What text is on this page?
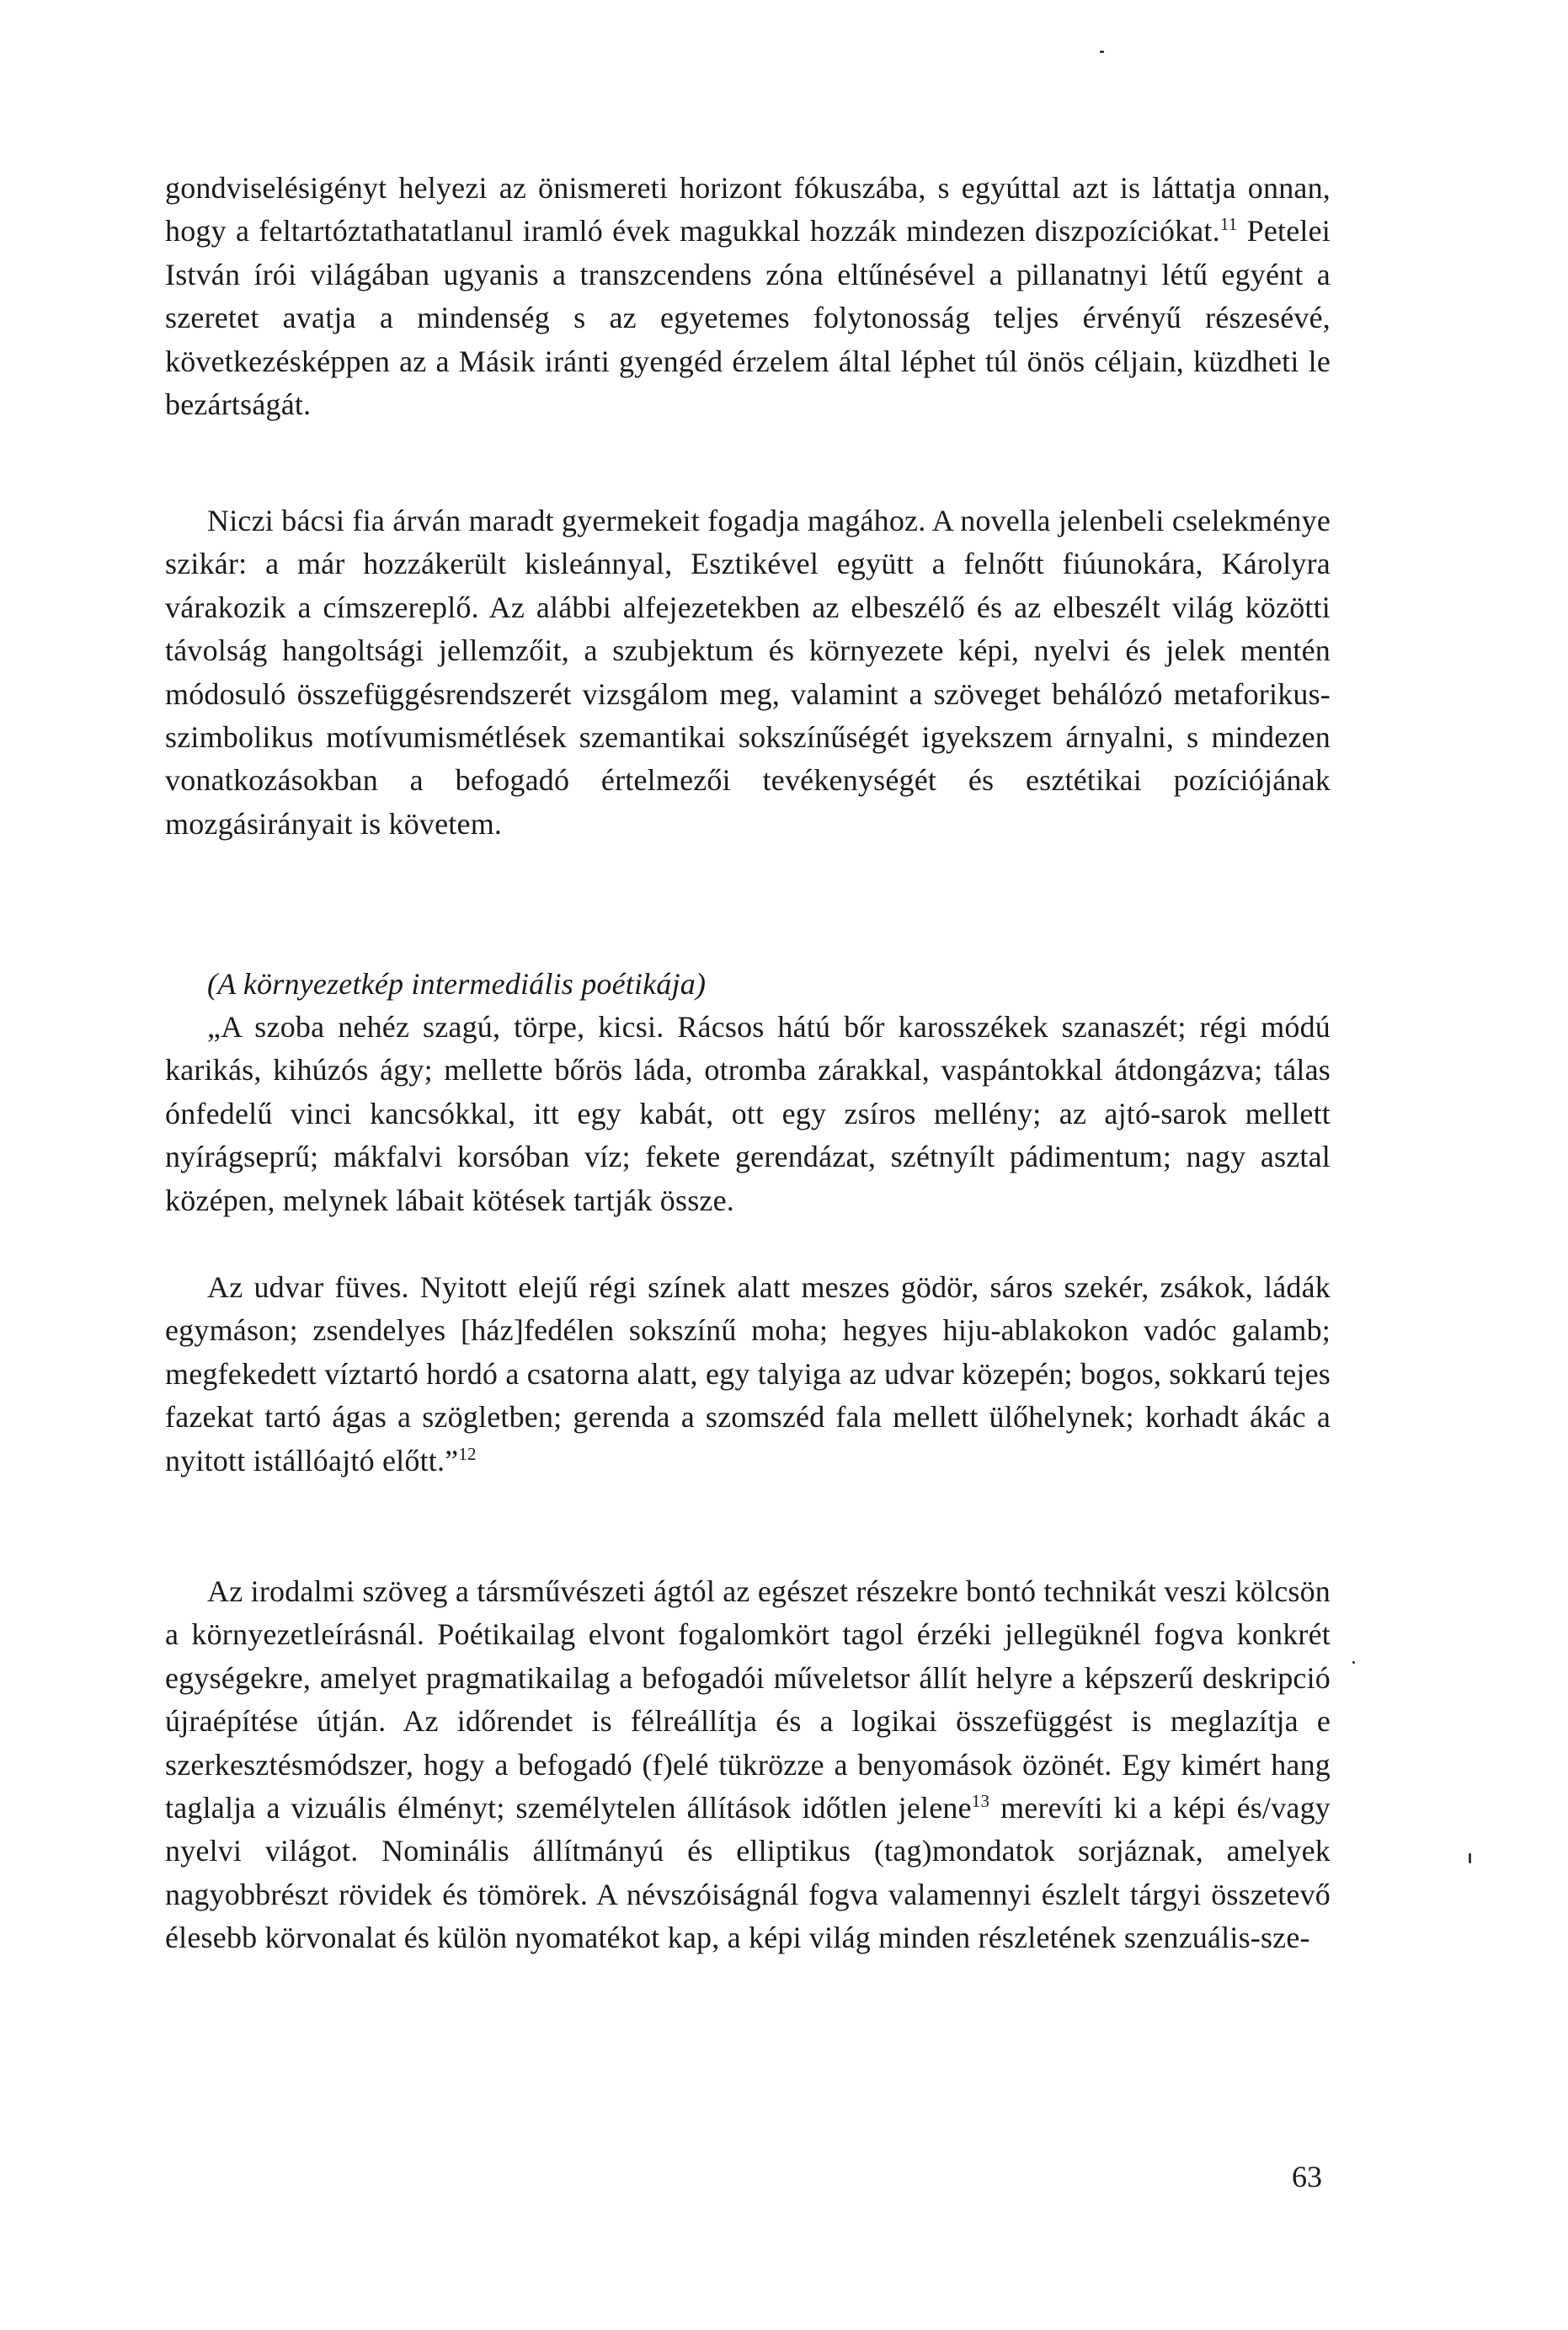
gondviselésigényt helyezi az önismereti horizont fókuszába, s egyúttal azt is láttatja onnan, hogy a feltartóztathatatlanul iramló évek magukkal hozzák mindezen diszpozíciókat.$^{11}$ Petelei István írói világában ugyanis a transzcendens zóna eltűnésével a pillanatnyi létű egyént a szeretet avatja a mindenség s az egyetemes folytonosság teljes érvényű részesévé, következésképpen az a Másik iránti gyengéd érzelem által léphet túl önös céljain, küzdheti le bezártságát.

Niczi bácsi fia árván maradt gyermekeit fogadja magához. A novella jelenbeli cselekménye szikár: a már hozzákerült kisleánnyal, Esztikével együtt a felnőtt fiúunokára, Károlyra várakozik a címszereplő. Az alábbi alfejezetekben az elbeszélő és az elbeszélt világ közötti távolság hangoltsági jellemzőit, a szubjektum és környezete képi, nyelvi és jelek mentén módosuló összefüggésrendszerét vizsgálom meg, valamint a szöveget behálózó metaforikus-szimbolikus motívumismétlések szemantikai sokszínűségét igyekszem árnyalni, s mindezen vonatkozásokban a befogadó értelmezői tevékenységét és esztétikai pozíciójának mozgásirányait is követem.

(A környezetkép intermediális poétikája)

„A szoba nehéz szagú, törpe, kicsi. Rácsos hátú bőr karosszékek szanaszét; régi módú karikás, kihúzós ágy; mellette bőrös láda, otromba zárakkal, vaspántokkal átdongázva; tálas ónfedelű vinci kancsókkal, itt egy kabát, ott egy zsíros mellény; az ajtó-sarok mellett nyírágseprű; mákfalvi korsóban víz; fekete gerendázat, szétnyílt pádimentum; nagy asztal középen, melynek lábait kötések tartják össze.

Az udvar füves. Nyitott elejű régi színek alatt meszes gödör, sáros szekér, zsákok, ládák egymáson; zsendelyes [ház]fedélen sokszínű moha; hegyes hiju-ablakokon vadóc galamb; megfekedett víztartó hordó a csatorna alatt, egy talyiga az udvar közepén; bogos, sokkarú tejes fazekat tartó ágas a szögletben; gerenda a szomszéd fala mellett ülőhelynek; korhadt ákác a nyitott istállóajtó előtt.”$^{12}$

Az irodalmi szöveg a társművészeti ágtól az egészet részekre bontó technikát veszi kölcsön a környezetleírásnál. Poétikailag elvont fogalomkört tagol érzéki jellegüknél fogva konkrét egységekre, amelyet pragmatikailag a befogadói műveletsor állít helyre a képszerű deskripció újraépítése útján. Az időrendet is félreállítja és a logikai összefüggést is meglazítja e szerkesztésmódszer, hogy a befogadó (f)elé tükrözze a benyomások özönét. Egy kimért hang taglalja a vizuális élményt; személytelen állítások időtlen jelene$^{13}$ merevíti ki a képi és/vagy nyelvi világot. Nominális állítmányú és elliptikus (tag)mondatok sorjáznak, amelyek nagyobbrészt rövidek és tömörek. A névszóiságnál fogva valamennyi észlelt tárgyi összetevő élesebb körvonalat és külön nyomatékot kap, a képi világ minden részletének szenzuális-sze-

63
